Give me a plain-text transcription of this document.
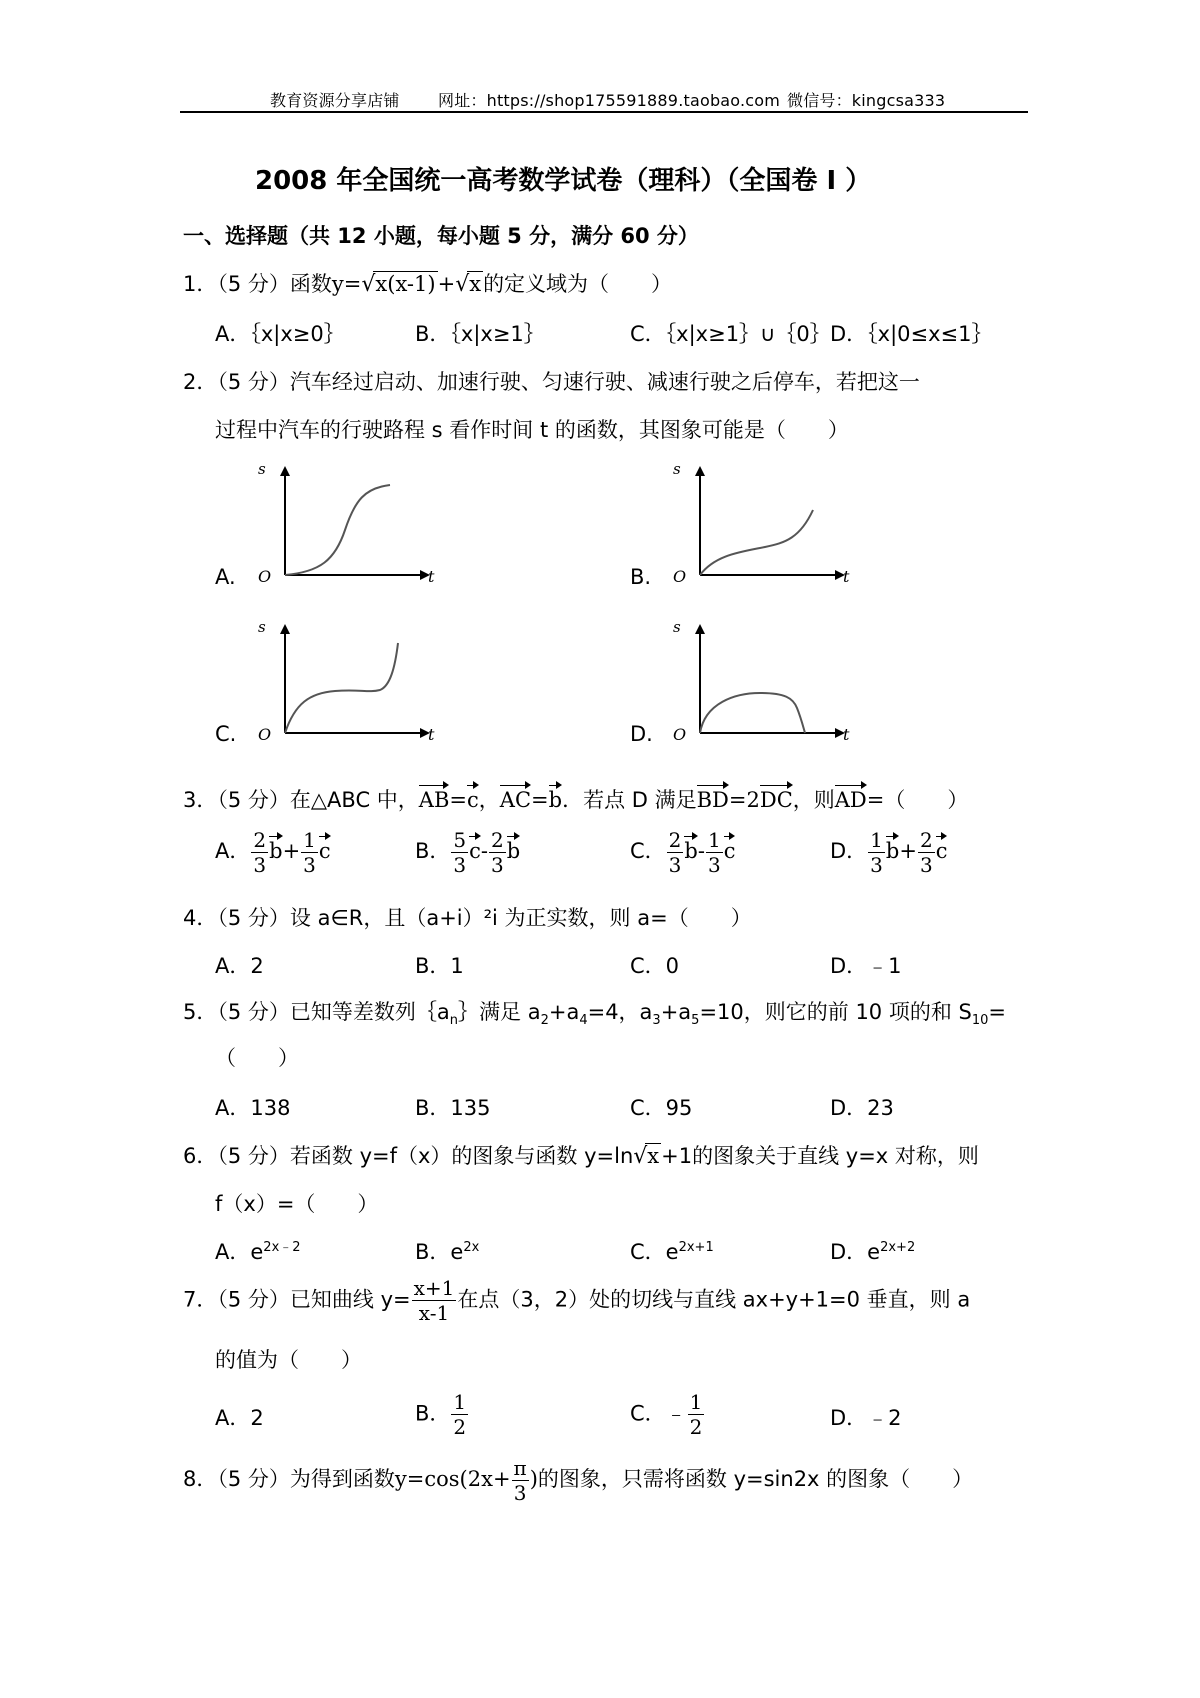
教育资源分享店铺 网址：https://shop175591889.taobao.com 微信号：kingcsa333
2008 年全国统一高考数学试卷（理科）（全国卷 I ）
一、选择题（共 12 小题，每小题 5 分，满分 60 分）
1．（5 分）函数y=√x(x-1)+√x的定义域为（　　）
A．｛x|x≥0｝	B．｛x|x≥1｝	C．｛x|x≥1｝∪｛0｝ D．｛x|0≤x≤1｝
2．（5 分）汽车经过启动、加速行驶、匀速行驶、减速行驶之后停车，若把这一
过程中汽车的行驶路程 s 看作时间 t 的函数，其图象可能是（　　）
A.
s
t
O	B.
s
t
O
C.
s
t
O	D.
s
t
O
3．（5 分）在△ABC 中，AB=c，AC=b．若点 D 满足BD=2DC，则AD=（　　）
A． $\frac{2}{3} b+ \frac{1}{3}$ c	B． $\frac{5}{3} c- \frac{2}{3}$ b	C． $\frac{2}{3} b- \frac{1}{3}$ c	D． $\frac{1}{3} b+ \frac{2}{3}$ c
4．（5 分）设 a∈R，且（a+i）²i 为正实数，则 a=（　　）
A．2	B．1	C．0	D．﹣1
5．（5 分）已知等差数列$\{a_n\}$满足 $a_2+a_4=4$，$a_3+a_5=10$，则它的前 10 项的和 $S_{10}=$
（　　）
A．138	B．135	C．95	D．23
6．（5 分）若函数 y=f（x）的图象与函数 y=ln√x+1的图象关于直线 y=x 对称，则
f（x）=（　　）
A．$e^{2x﹣2}$	B．$e^{2x}$	C．$e^{2x+1}$	D．$e^{2x+2}$
7．（5 分）已知曲线 $y= \frac{x+1}{x-1}$ 在点（3，2）处的切线与直线 ax+y+1=0 垂直，则 a
的值为（　　）
A．2	B． $\frac{1}{2}$	C．﹣ $\frac{1}{2}$	D．﹣2
8．（5 分）为得到函数$y=\cos(2x+ \frac{\pi}{3}$ )的图象，只需将函数 y=sin2x 的图象（　　）
